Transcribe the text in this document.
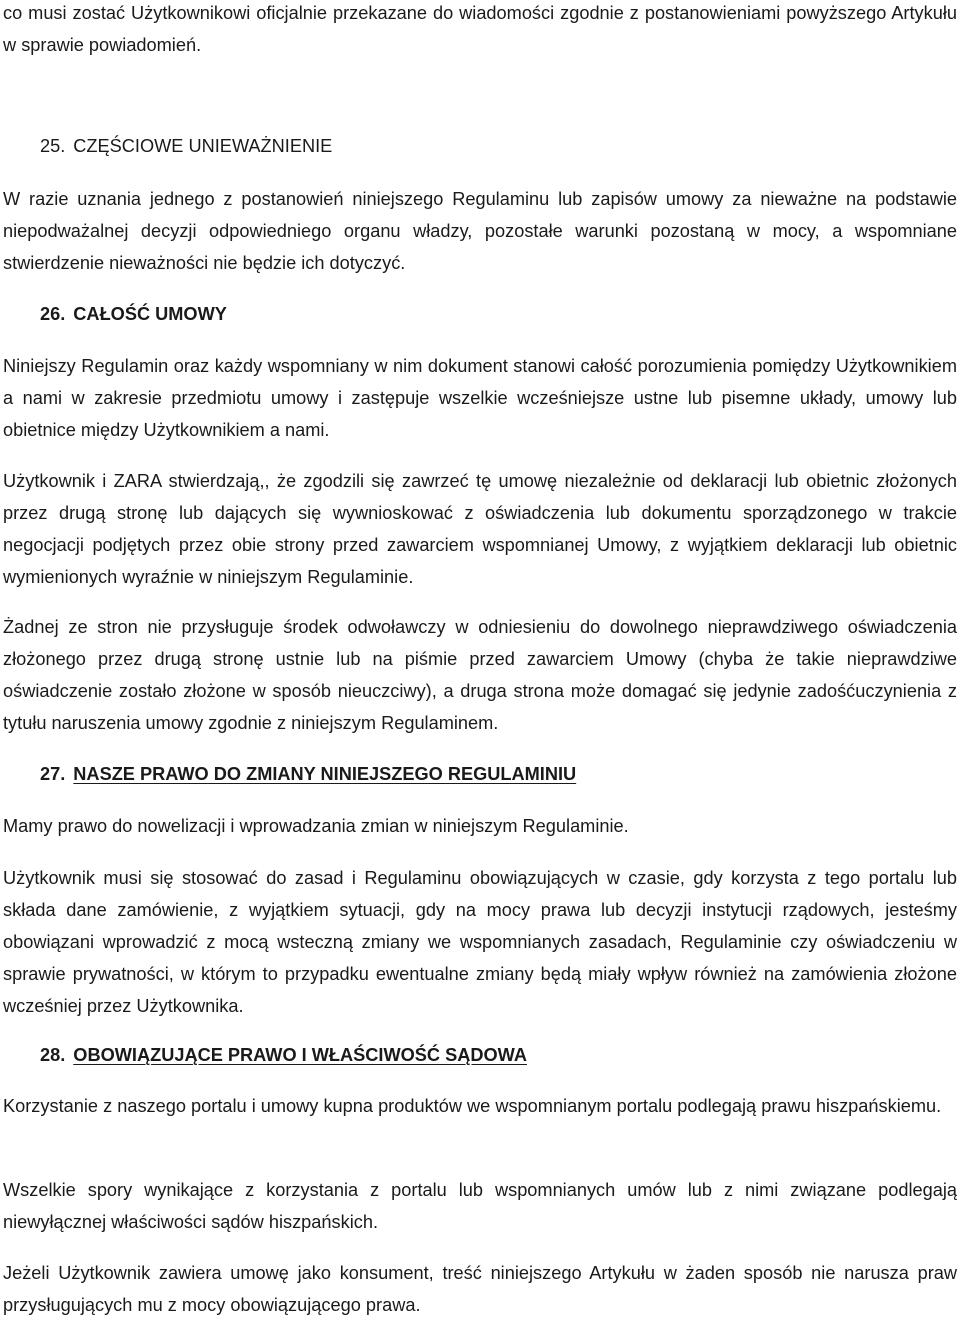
co musi zostać Użytkownikowi oficjalnie przekazane do wiadomości zgodnie z postanowieniami powyższego Artykułu w sprawie powiadomień.

25. CZĘŚCIOWE UNIEWAŻNIENIE

W razie uznania jednego z postanowień niniejszego Regulaminu lub zapisów umowy za nieważne na podstawie niepodważalnej decyzji odpowiedniego organu władzy, pozostałe warunki pozostaną w mocy, a wspomniane stwierdzenie nieważności nie będzie ich dotyczyć.

26. CAŁOŚĆ UMOWY

Niniejszy Regulamin oraz każdy wspomniany w nim dokument stanowi całość porozumienia pomiędzy Użytkownikiem a nami w zakresie przedmiotu umowy i zastępuje wszelkie wcześniejsze ustne lub pisemne układy, umowy lub obietnice między Użytkownikiem a nami.

Użytkownik i ZARA stwierdzają,, że zgodzili się zawrzeć tę umowę niezależnie od deklaracji lub obietnic złożonych przez drugą stronę lub dających się wywnioskować z oświadczenia lub dokumentu sporządzonego w trakcie negocjacji podjętych przez obie strony przed zawarciem wspomnianej Umowy, z wyjątkiem deklaracji lub obietnic wymienionych wyraźnie w niniejszym Regulaminie.

Żadnej ze stron nie przysługuje środek odwoławczy w odniesieniu do dowolnego nieprawdziwego oświadczenia złożonego przez drugą stronę ustnie lub na piśmie przed zawarciem Umowy (chyba że takie nieprawdziwe oświadczenie zostało złożone w sposób nieuczciwy), a druga strona może domagać się jedynie zadośćuczynienia z tytułu naruszenia umowy zgodnie z niniejszym Regulaminem.

27. NASZE PRAWO DO ZMIANY NINIEJSZEGO REGULAMINIU

Mamy prawo do nowelizacji i wprowadzania zmian w niniejszym Regulaminie.

Użytkownik musi się stosować do zasad i Regulaminu obowiązujących w czasie, gdy korzysta z tego portalu lub składa dane zamówienie, z wyjątkiem sytuacji, gdy na mocy prawa lub decyzji instytucji rządowych, jesteśmy obowiązani wprowadzić z mocą wsteczną zmiany we wspomnianych zasadach, Regulaminie czy oświadczeniu w sprawie prywatności, w którym to przypadku ewentualne zmiany będą miały wpływ również na zamówienia złożone wcześniej przez Użytkownika.

28. OBOWIĄZUJĄCE PRAWO I WŁAŚCIWOŚĆ SĄDOWA

Korzystanie z naszego portalu i umowy kupna produktów we wspomnianym portalu podlegają prawu hiszpańskiemu.

Wszelkie spory wynikające z korzystania z portalu lub wspomnianych umów lub z nimi związane podlegają niewyłącznej właściwości sądów hiszpańskich.

Jeżeli Użytkownik zawiera umowę jako konsument, treść niniejszego Artykułu w żaden sposób nie narusza praw przysługujących mu z mocy obowiązującego prawa.
